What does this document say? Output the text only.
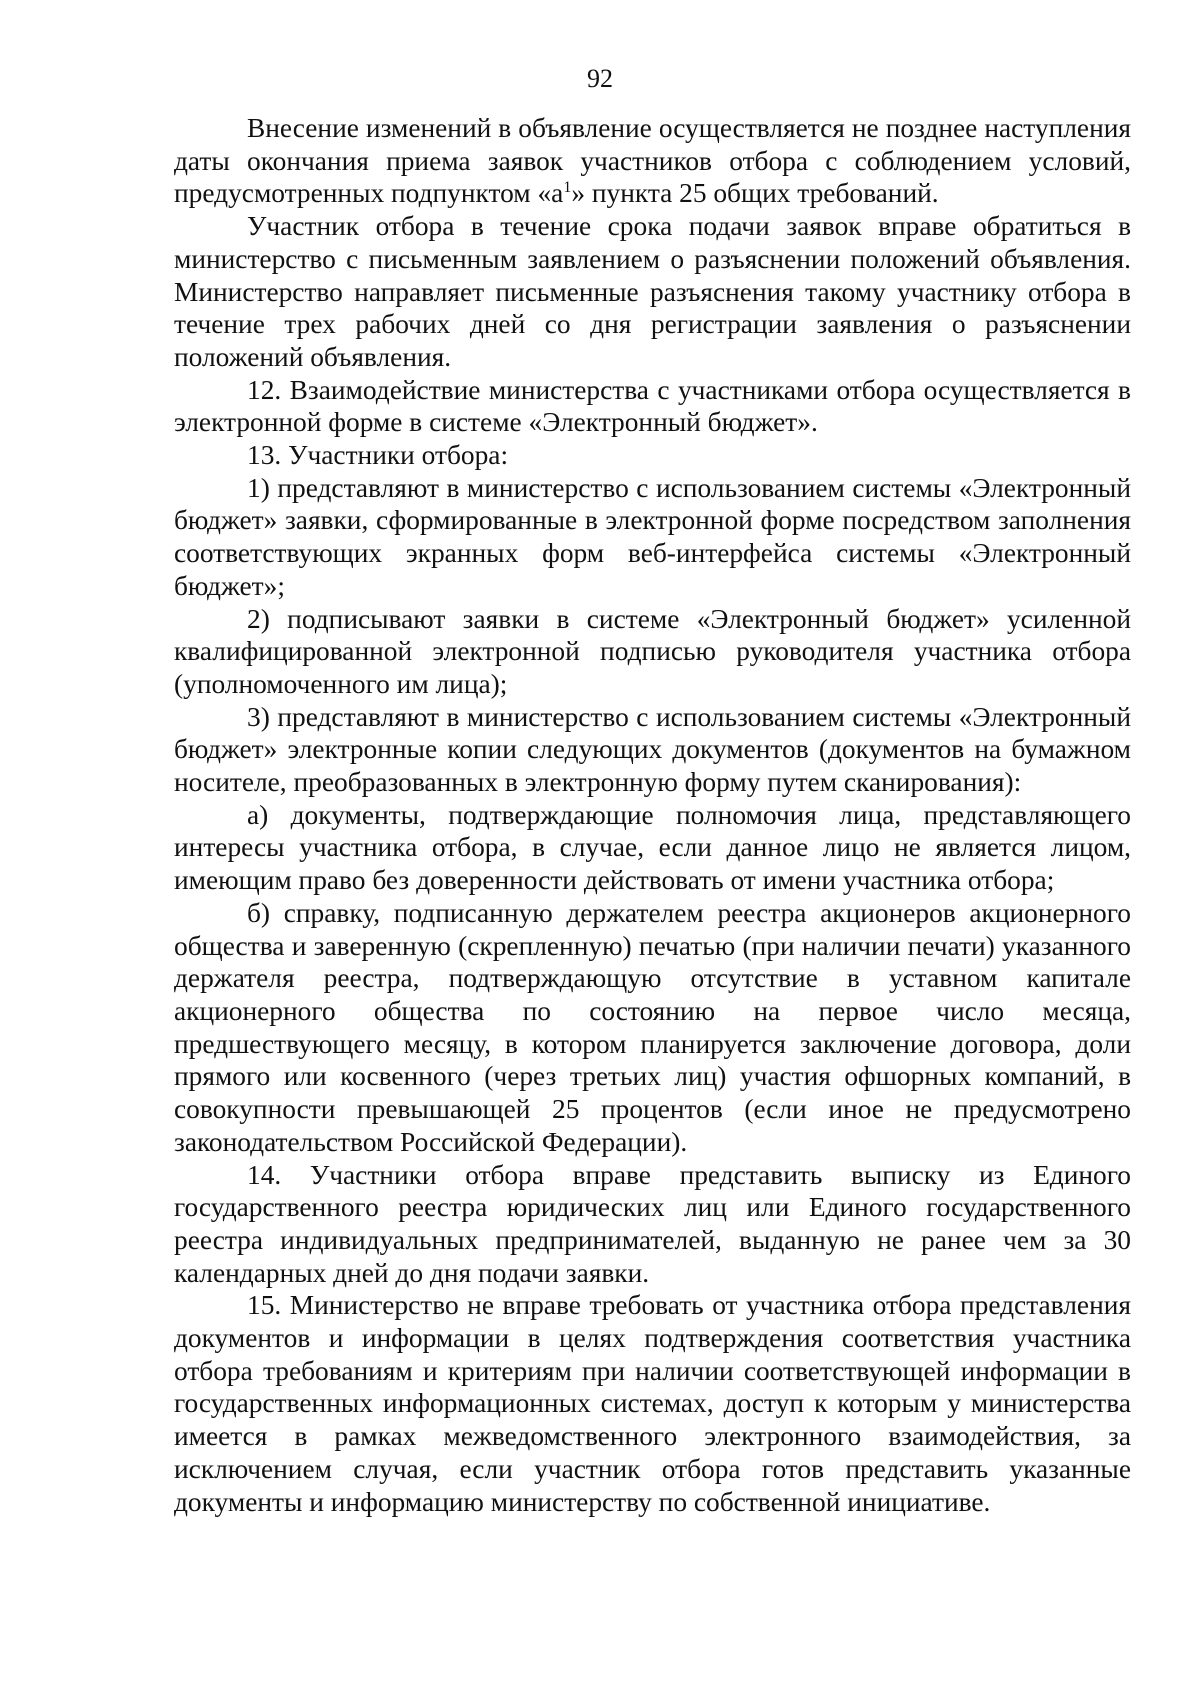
92

Внесение изменений в объявление осуществляется не позднее наступления даты окончания приема заявок участников отбора с соблюдением условий, предусмотренных подпунктом «$а^1$» пункта 25 общих требований.

Участник отбора в течение срока подачи заявок вправе обратиться в министерство с письменным заявлением о разъяснении положений объявления. Министерство направляет письменные разъяснения такому участнику отбора в течение трех рабочих дней со дня регистрации заявления о разъяснении положений объявления.

12. Взаимодействие министерства с участниками отбора осуществляется в электронной форме в системе «Электронный бюджет».

13. Участники отбора:

1) представляют в министерство с использованием системы «Электронный бюджет» заявки, сформированные в электронной форме посредством заполнения соответствующих экранных форм веб-интерфейса системы «Электронный бюджет»;

2) подписывают заявки в системе «Электронный бюджет» усиленной квалифицированной электронной подписью руководителя участника отбора (уполномоченного им лица);

3) представляют в министерство с использованием системы «Электронный бюджет» электронные копии следующих документов (документов на бумажном носителе, преобразованных в электронную форму путем сканирования):

а) документы, подтверждающие полномочия лица, представляющего интересы участника отбора, в случае, если данное лицо не является лицом, имеющим право без доверенности действовать от имени участника отбора;

б) справку, подписанную держателем реестра акционеров акционерного общества и заверенную (скрепленную) печатью (при наличии печати) указанного держателя реестра, подтверждающую отсутствие в уставном капитале акционерного общества по состоянию на первое число месяца, предшествующего месяцу, в котором планируется заключение договора, доли прямого или косвенного (через третьих лиц) участия офшорных компаний, в совокупности превышающей 25 процентов (если иное не предусмотрено законодательством Российской Федерации).

14. Участники отбора вправе представить выписку из Единого государственного реестра юридических лиц или Единого государственного реестра индивидуальных предпринимателей, выданную не ранее чем за 30 календарных дней до дня подачи заявки.

15. Министерство не вправе требовать от участника отбора представления документов и информации в целях подтверждения соответствия участника отбора требованиям и критериям при наличии соответствующей информации в государственных информационных системах, доступ к которым у министерства имеется в рамках межведомственного электронного взаимодействия, за исключением случая, если участник отбора готов представить указанные документы и информацию министерству по собственной инициативе.
